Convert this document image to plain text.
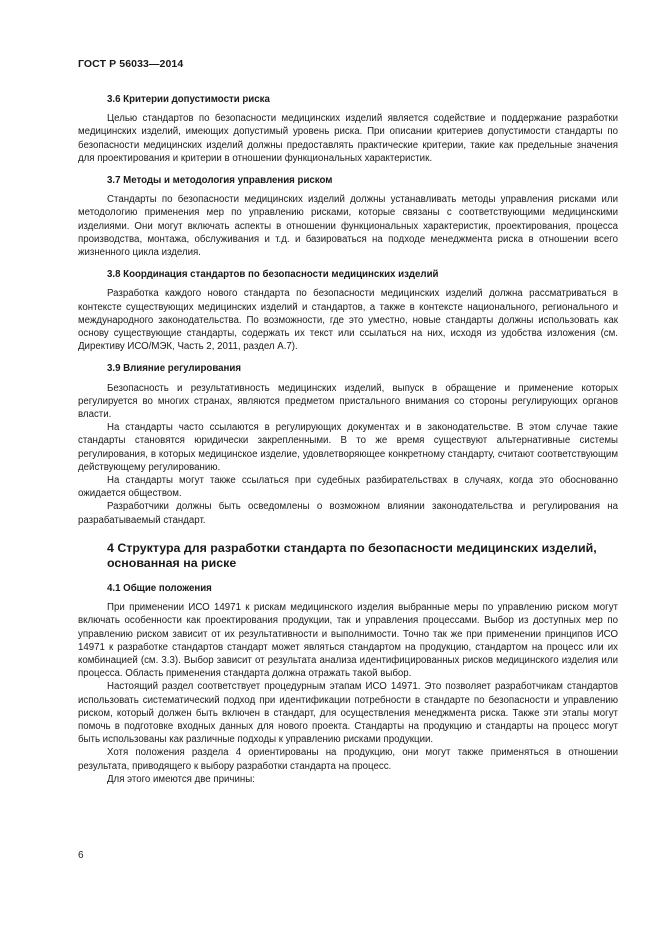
ГОСТ Р 56033—2014
3.6 Критерии допустимости риска

Целью стандартов по безопасности медицинских изделий является содействие и поддержание разработки медицинских изделий, имеющих допустимый уровень риска. При описании критериев допустимости стандарты по безопасности медицинских изделий должны предоставлять практические критерии, такие как предельные значения для проектирования и критерии в отношении функциональных характеристик.

3.7 Методы и методология управления риском

Стандарты по безопасности медицинских изделий должны устанавливать методы управления рисками или методологию применения мер по управлению рисками, которые связаны с соответствующими медицинскими изделиями. Они могут включать аспекты в отношении функциональных характеристик, проектирования, процесса производства, монтажа, обслуживания и т.д. и базироваться на подходе менеджмента риска в отношении всего жизненного цикла изделия.

3.8 Координация стандартов по безопасности медицинских изделий

Разработка каждого нового стандарта по безопасности медицинских изделий должна рассматриваться в контексте существующих медицинских изделий и стандартов, а также в контексте национального, регионального и международного законодательства. По возможности, где это уместно, новые стандарты должны использовать как основу существующие стандарты, содержать их текст или ссылаться на них, исходя из удобства изложения (см. Директиву ИСО/МЭК, Часть 2, 2011, раздел А.7).

3.9 Влияние регулирования

Безопасность и результативность медицинских изделий, выпуск в обращение и применение которых регулируется во многих странах, являются предметом пристального внимания со стороны регулирующих органов власти.

На стандарты часто ссылаются в регулирующих документах и в законодательстве. В этом случае такие стандарты становятся юридически закрепленными. В то же время существуют альтернативные системы регулирования, в которых медицинское изделие, удовлетворяющее конкретному стандарту, считают соответствующим действующему регулированию.

На стандарты могут также ссылаться при судебных разбирательствах в случаях, когда это обоснованно ожидается обществом.

Разработчики должны быть осведомлены о возможном влиянии законодательства и регулирования на разрабатываемый стандарт.

4 Структура для разработки стандарта по безопасности медицинских изделий, основанная на риске
4.1 Общие положения

При применении ИСО 14971 к рискам медицинского изделия выбранные меры по управлению риском могут включать особенности как проектирования продукции, так и управления процессами. Выбор из доступных мер по управлению риском зависит от их результативности и выполнимости. Точно так же при применении принципов ИСО 14971 к разработке стандартов стандарт может являться стандартом на продукцию, стандартом на процесс или их комбинацией (см. 3.3). Выбор зависит от результата анализа идентифицированных рисков медицинского изделия или процесса. Область применения стандарта должна отражать такой выбор.

Настоящий раздел соответствует процедурным этапам ИСО 14971. Это позволяет разработчикам стандартов использовать систематический подход при идентификации потребности в стандарте по безопасности и управлению риском, который должен быть включен в стандарт, для осуществления менеджмента риска. Также эти этапы могут помочь в подготовке входных данных для нового проекта. Стандарты на продукцию и стандарты на процесс могут быть использованы как различные подходы к управлению рисками продукции.

Хотя положения раздела 4 ориентированы на продукцию, они могут также применяться в отношении результата, приводящего к выбору разработки стандарта на процесс.

Для этого имеются две причины:

6
